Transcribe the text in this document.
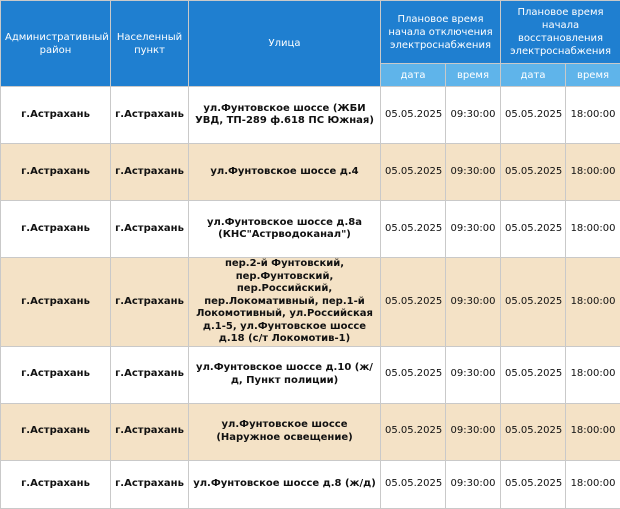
Административный район	Населенный пункт	Улица	Плановое время начала отключения электроснабжения		Плановое время начала восстановления электроснабжения	
			дата	время	дата	время
г.Астрахань	г.Астрахань	ул.Фунтовское шоссе (ЖБИ УВД, ТП-289 ф.618 ПС Южная)	05.05.2025	09:30:00	05.05.2025	18:00:00
г.Астрахань	г.Астрахань	ул.Фунтовское шоссе д.4	05.05.2025	09:30:00	05.05.2025	18:00:00
г.Астрахань	г.Астрахань	ул.Фунтовское шоссе д.8а (КНС"Астрводоканал")	05.05.2025	09:30:00	05.05.2025	18:00:00
г.Астрахань	г.Астрахань	пер.2-й Фунтовский, пер.Фунтовский, пер.Российский, пер.Локомативный, пер.1-й Локомотивный, ул.Российская д.1-5, ул.Фунтовское шоссе д.18 (с/т Локомотив-1)	05.05.2025	09:30:00	05.05.2025	18:00:00
г.Астрахань	г.Астрахань	ул.Фунтовское шоссе д.10 (ж/д, Пункт полиции)	05.05.2025	09:30:00	05.05.2025	18:00:00
г.Астрахань	г.Астрахань	ул.Фунтовское шоссе (Наружное освещение)	05.05.2025	09:30:00	05.05.2025	18:00:00
г.Астрахань	г.Астрахань	ул.Фунтовское шоссе д.8 (ж/д)	05.05.2025	09:30:00	05.05.2025	18:00:00
